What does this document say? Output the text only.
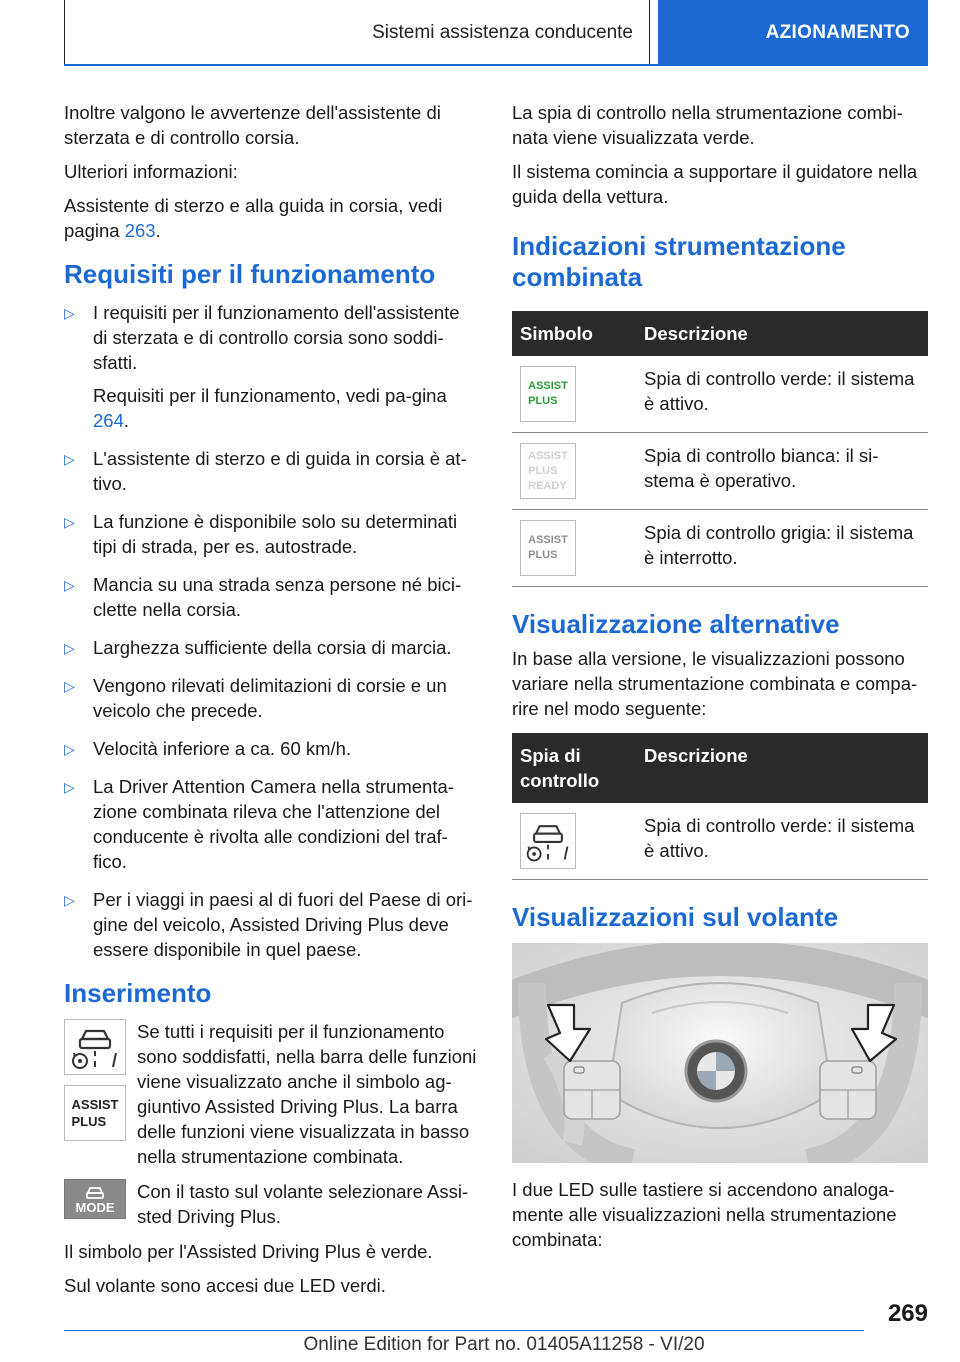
Sistemi assistenza conducente	AZIONAMENTO

Inoltre valgono le avvertenze dell'assistente di sterzata e di controllo corsia.

Ulteriori informazioni:

Assistente di sterzo e alla guida in corsia, vedi pagina 263.

Requisiti per il funzionamento
▷ I requisiti per il funzionamento dell'assistente di sterzata e di controllo corsia sono soddi-sfatti.
Requisiti per il funzionamento, vedi pa-gina 264.
▷ L'assistente di sterzo e di guida in corsia è at-tivo.
▷ La funzione è disponibile solo su determinati tipi di strada, per es. autostrade.
▷ Mancia su una strada senza persone né bici-clette nella corsia.
▷ Larghezza sufficiente della corsia di marcia.
▷ Vengono rilevati delimitazioni di corsie e un veicolo che precede.
▷ Velocità inferiore a ca. 60 km/h.
▷ La Driver Attention Camera nella strumenta-zione combinata rileva che l'attenzione del conducente è rivolta alle condizioni del traf-fico.
▷ Per i viaggi in paesi al di fuori del Paese di ori-gine del veicolo, Assisted Driving Plus deve essere disponibile in quel paese.
Inserimento
ASSIST
PLUS
Se tutti i requisiti per il funzionamento sono soddisfatti, nella barra delle funzioni viene visualizzato anche il simbolo ag-giuntivo Assisted Driving Plus. La barra delle funzioni viene visualizzata in basso nella strumentazione combinata.
MODE
Con il tasto sul volante selezionare Assi-sted Driving Plus.

Il simbolo per l'Assisted Driving Plus è verde.

Sul volante sono accesi due LED verdi.

La spia di controllo nella strumentazione combi-nata viene visualizzata verde.

Il sistema comincia a supportare il guidatore nella guida della vettura.

Indicazioni strumentazione combinata
Simbolo	Descrizione

ASSIST
PLUS	Spia di controllo verde: il sistema è attivo.

ASSIST
PLUS
READY	Spia di controllo bianca: il si-stema è operativo.

ASSIST
PLUS	Spia di controllo grigia: il sistema è interrotto.
Visualizzazione alternative

In base alla versione, le visualizzazioni possono variare nella strumentazione combinata e compa-rire nel modo seguente:

Spia di controllo	Descrizione

	Spia di controllo verde: il sistema è attivo.
Visualizzazioni sul volante

I due LED sulle tastiere si accendono analoga-mente alle visualizzazioni nella strumentazione combinata:

269
Online Edition for Part no. 01405A11258 - VI/20
